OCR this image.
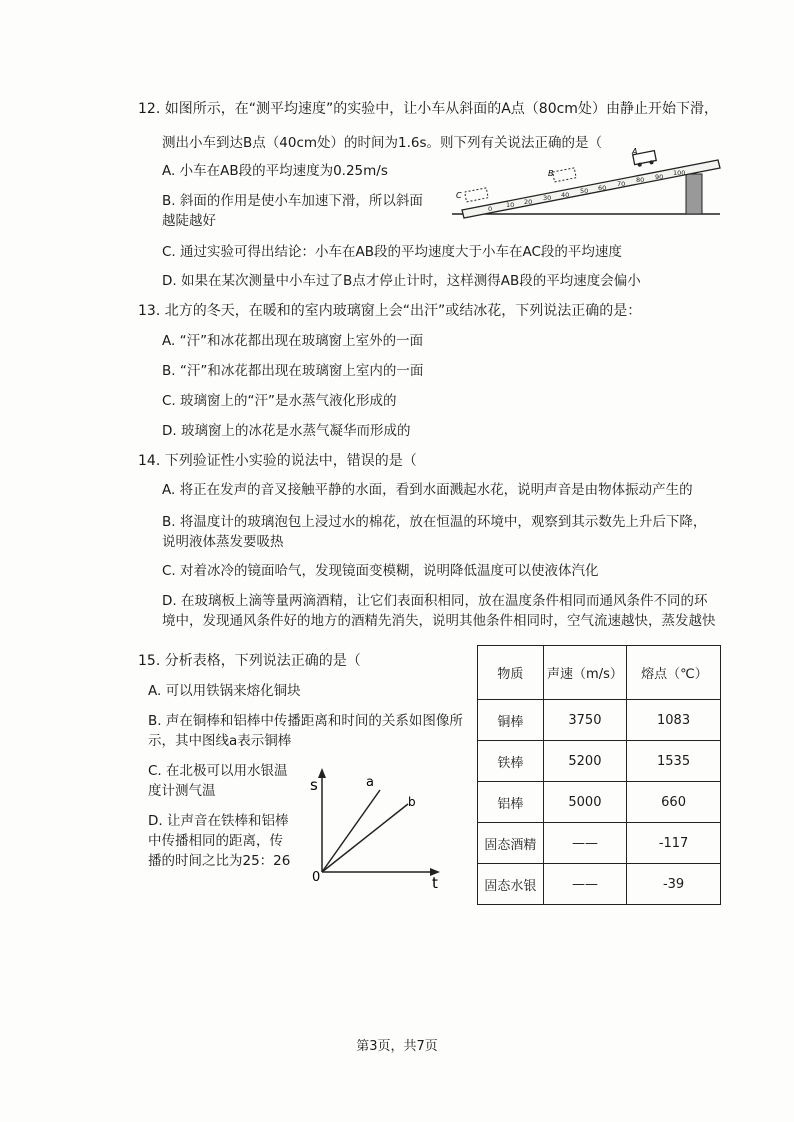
12. 如图所示，在“测平均速度”的实验中，让小车从斜面的A点（80cm处）由静止开始下滑，
测出小车到达B点（40cm处）的时间为1.6s。则下列有关说法正确的是（
A. 小车在AB段的平均速度为0.25m/s
B. 斜面的作用是使小车加速下滑，所以斜面
越陡越好
C. 通过实验可得出结论：小车在AB段的平均速度大于小车在AC段的平均速度
D. 如果在某次测量中小车过了B点才停止计时，这样测得AB段的平均速度会偏小
0 10 20 30 40 50 60 70 80 90 100
A
B
C
13. 北方的冬天，在暖和的室内玻璃窗上会“出汗”或结冰花，下列说法正确的是：
A. “汗”和冰花都出现在玻璃窗上室外的一面
B. “汗”和冰花都出现在玻璃窗上室内的一面
C. 玻璃窗上的“汗”是水蒸气液化形成的
D. 玻璃窗上的冰花是水蒸气凝华而形成的
14. 下列验证性小实验的说法中，错误的是（
A. 将正在发声的音叉接触平静的水面，看到水面溅起水花，说明声音是由物体振动产生的
B. 将温度计的玻璃泡包上浸过水的棉花，放在恒温的环境中，观察到其示数先上升后下降，
说明液体蒸发要吸热
C. 对着冰冷的镜面哈气，发现镜面变模糊，说明降低温度可以使液体汽化
D. 在玻璃板上滴等量两滴酒精，让它们表面积相同，放在温度条件相同而通风条件不同的环
境中，发现通风条件好的地方的酒精先消失，说明其他条件相同时，空气流速越快，蒸发越快
15. 分析表格，下列说法正确的是（
A. 可以用铁锅来熔化铜块
B. 声在铜棒和铝棒中传播距离和时间的关系如图像所
示，其中图线a表示铜棒
C. 在北极可以用水银温
度计测气温
D. 让声音在铁棒和铝棒
中传播相同的距离，传
播的时间之比为25：26
s
t
0
a
b
物质	声速（m/s）	熔点（℃）
铜棒	3750	1083
铁棒	5200	1535
铝棒	5000	660
固态酒精	——	-117
固态水银	——	-39
第3页，共7页
